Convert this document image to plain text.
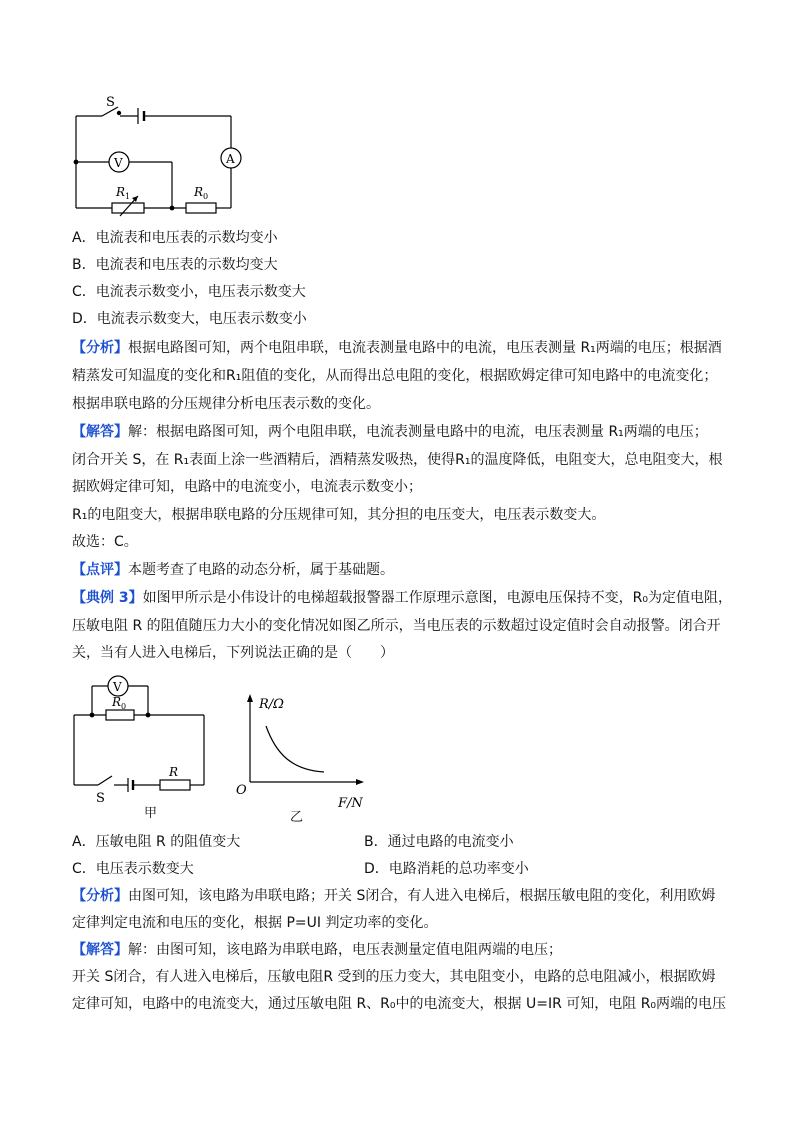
S
V	A
$R_1$	$R_0$
A．电流表和电压表的示数均变小
B．电流表和电压表的示数均变大
C．电流表示数变小，电压表示数变大
D．电流表示数变大，电压表示数变小
【分析】根据电路图可知，两个电阻串联，电流表测量电路中的电流，电压表测量 R₁两端的电压；根据酒
精蒸发可知温度的变化和R₁阻值的变化，从而得出总电阻的变化，根据欧姆定律可知电路中的电流变化；
根据串联电路的分压规律分析电压表示数的变化。
【解答】解：根据电路图可知，两个电阻串联，电流表测量电路中的电流，电压表测量 R₁两端的电压；
闭合开关 S，在 R₁表面上涂一些酒精后，酒精蒸发吸热，使得R₁的温度降低，电阻变大，总电阻变大，根
据欧姆定律可知，电路中的电流变小，电流表示数变小；
R₁的电阻变大，根据串联电路的分压规律可知，其分担的电压变大，电压表示数变大。
故选：C。
【点评】本题考查了电路的动态分析，属于基础题。
【典例 3】如图甲所示是小伟设计的电梯超载报警器工作原理示意图，电源电压保持不变，R₀为定值电阻，
压敏电阻 R 的阻值随压力大小的变化情况如图乙所示，当电压表的示数超过设定值时会自动报警。闭合开
关，当有人进入电梯后，下列说法正确的是（　　）
V
$R_0$
R
S
甲
R/Ω
O
F/N
乙
A．压敏电阻 R 的阻值变大	B．通过电路的电流变小
C．电压表示数变大	D．电路消耗的总功率变小
【分析】由图可知，该电路为串联电路；开关 S闭合，有人进入电梯后，根据压敏电阻的变化，利用欧姆
定律判定电流和电压的变化，根据 P=UI 判定功率的变化。
【解答】解：由图可知，该电路为串联电路，电压表测量定值电阻两端的电压；
开关 S闭合，有人进入电梯后，压敏电阻R 受到的压力变大，其电阻变小，电路的总电阻减小，根据欧姆
定律可知，电路中的电流变大，通过压敏电阻 R、R₀中的电流变大，根据 U=IR 可知，电阻 R₀两端的电压
